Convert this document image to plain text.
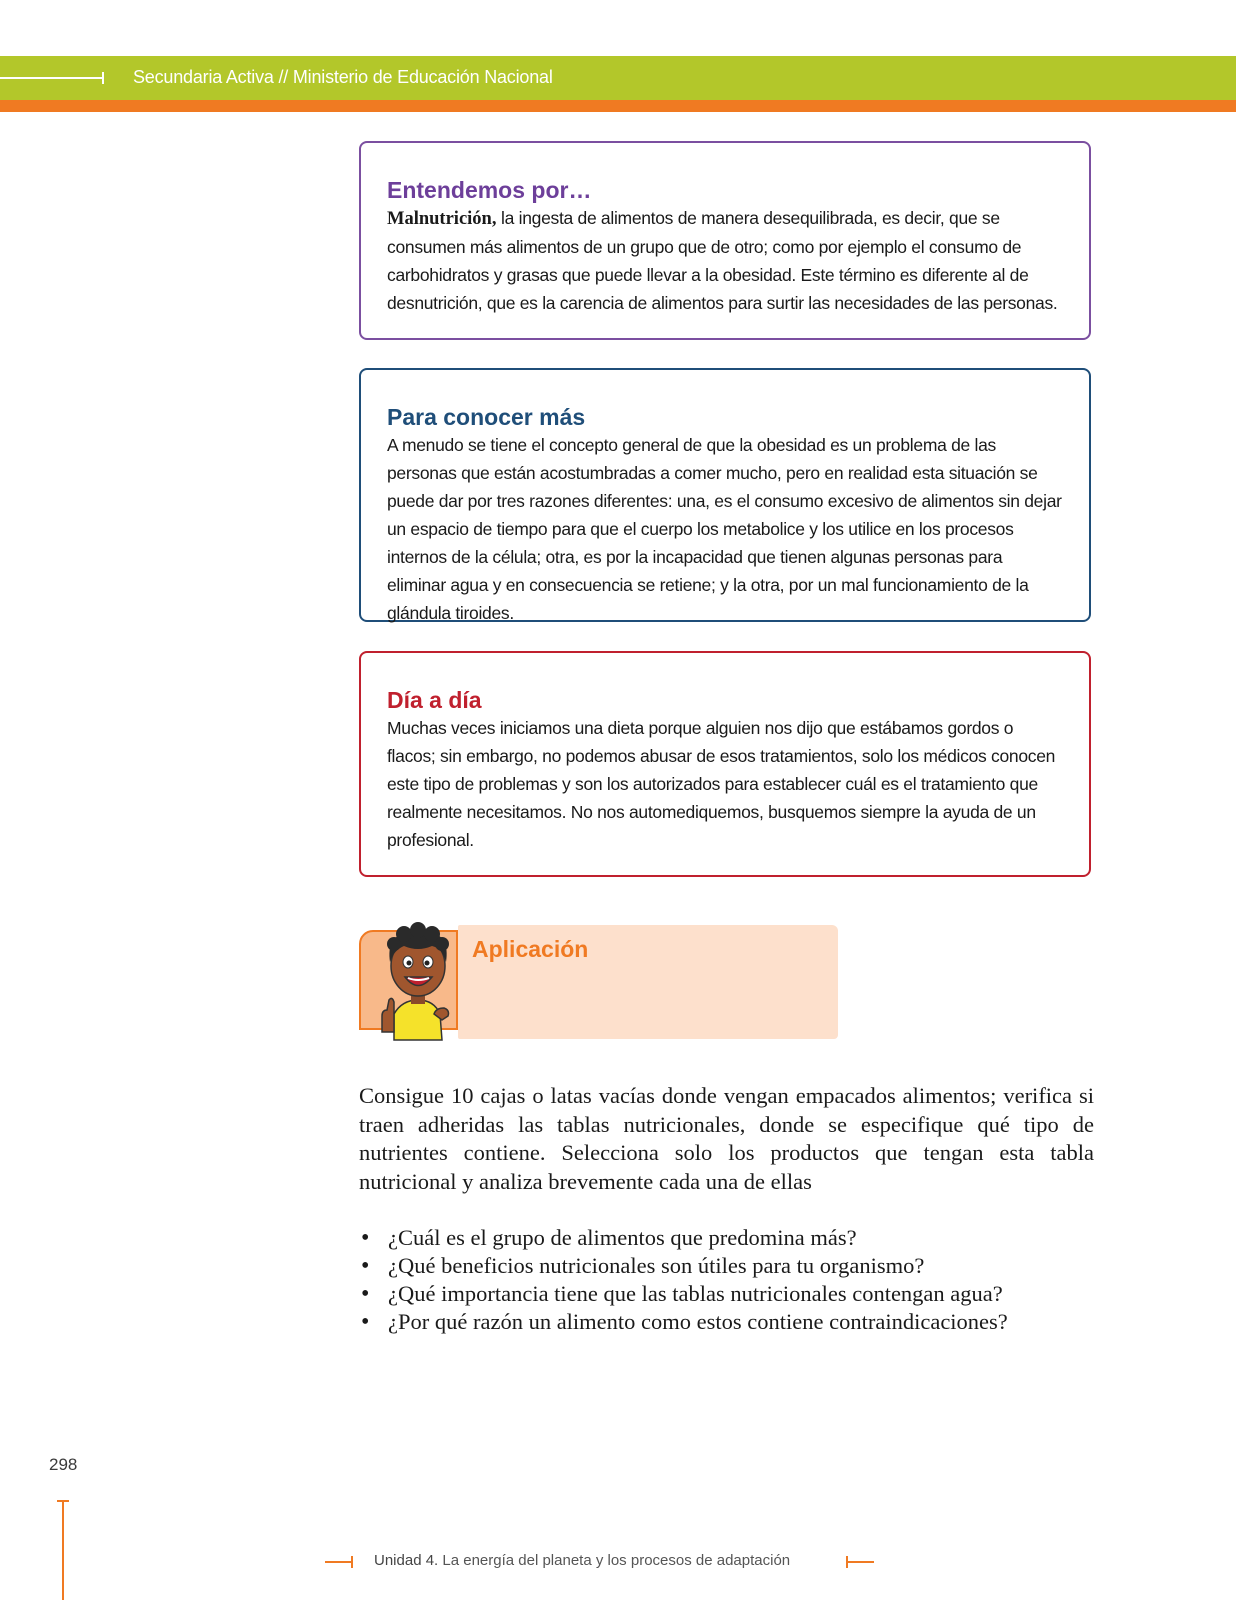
Secundaria Activa // Ministerio de Educación Nacional
Entendemos por…

Malnutrición, la ingesta de alimentos de manera desequilibrada, es decir, que se consumen más alimentos de un grupo que de otro; como por ejemplo el consumo de carbohidratos y grasas que puede llevar a la obesidad. Este término es diferente al de desnutrición, que es la carencia de alimentos para surtir las necesidades de las personas.

Para conocer más

A menudo se tiene el concepto general de que la obesidad es un problema de las personas que están acostumbradas a comer mucho, pero en realidad esta situación se puede dar por tres razones diferentes: una, es el consumo excesivo de alimentos sin dejar un espacio de tiempo para que el cuerpo los metabolice y los utilice en los procesos internos de la célula; otra, es por la incapacidad que tienen algunas personas para eliminar agua y en consecuencia se retiene; y la otra, por un mal funcionamiento de la glándula tiroides.

Día a día

Muchas veces iniciamos una dieta porque alguien nos dijo que estábamos gordos o flacos; sin embargo, no podemos abusar de esos tratamientos, solo los médicos conocen este tipo de problemas y son los autorizados para establecer cuál es el tratamiento que realmente necesitamos. No nos automediquemos, busquemos siempre la ayuda de un profesional.

Aplicación

Consigue 10 cajas o latas vacías donde vengan empacados alimentos; verifica si traen adheridas las tablas nutricionales, donde se especifique qué tipo de nutrientes contiene. Selecciona solo los productos que tengan esta tabla nutricional y analiza brevemente cada una de ellas

• ¿Cuál es el grupo de alimentos que predomina más?
• ¿Qué beneficios nutricionales son útiles para tu organismo?
• ¿Qué importancia tiene que las tablas nutricionales contengan agua?
• ¿Por qué razón un alimento como estos contiene contraindicaciones?
298
Unidad 4. La energía del planeta y los procesos de adaptación
